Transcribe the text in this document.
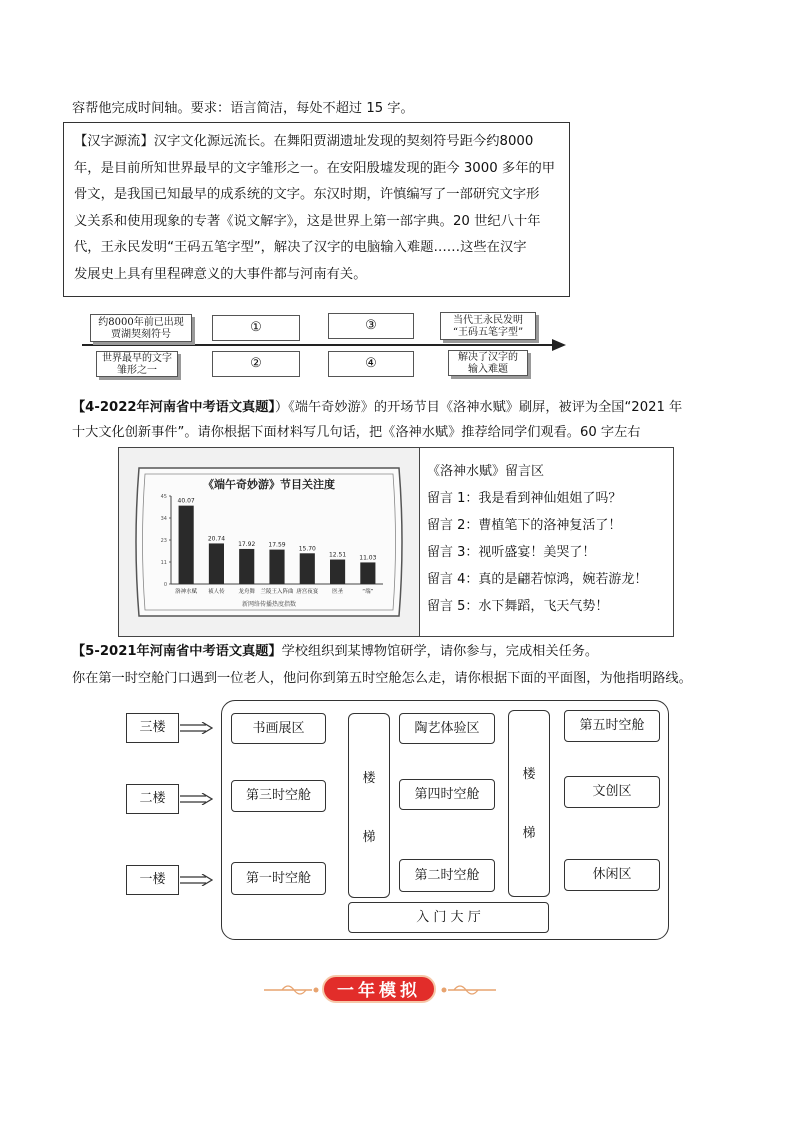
容帮他完成时间轴。要求：语言简洁，每处不超过 15 字。

【汉字源流】汉字文化源远流长。在舞阳贾湖遗址发现的契刻符号距今约8000

年，是目前所知世界最早的文字雏形之一。在安阳殷墟发现的距今 3000 多年的甲

骨文，是我国已知最早的成系统的文字。东汉时期，许慎编写了一部研究文字形

义关系和使用现象的专著《说文解字》，这是世界上第一部字典。20 世纪八十年

代，王永民发明“王码五笔字型”，解决了汉字的电脑输入难题……这些在汉字

发展史上具有里程碑意义的大事件都与河南有关。

约8000年前已出现
贾湖契刻符号	①	③	当代王永民发明
“王码五笔字型”
世界最早的文字
雏形之一	②	④	解决了汉字的
输入难题
【4-2022年河南省中考语文真题】）《端午奇妙游》的开场节目《洛神水赋》刷屏，被评为全国“2021 年
十大文化创新事件”。请你根据下面材料写几句话，把《洛神水赋》推荐给同学们观看。60 字左右
《端午奇妙游》节目关注度
0
11
23
34
45
40.07
洛神水赋
20.74
祯人传
17.92
龙舟舞
17.59
兰陵王入阵曲
15.70
唐宫夜宴
12.51
医圣
11.03
“端”
新网络传播热度指数
《洛神水赋》留言区
留言 1：我是看到神仙姐姐了吗？
留言 2：曹植笔下的洛神复活了！
留言 3：视听盛宴！美哭了！
留言 4：真的是翩若惊鸿，婉若游龙！
留言 5：水下舞蹈，飞天气势！
【5-2021年河南省中考语文真题】学校组织到某博物馆研学，请你参与，完成相关任务。
你在第一时空舱门口遇到一位老人，他问你到第五时空舱怎么走，请你根据下面的平面图，为他指明路线。
三楼
二楼
一楼
书画展区
楼
梯
陶艺体验区
楼
梯
第五时空舱
第三时空舱	第四时空舱	文创区
第一时空舱	第二时空舱	休闲区
入 门 大 厅
一年模拟
